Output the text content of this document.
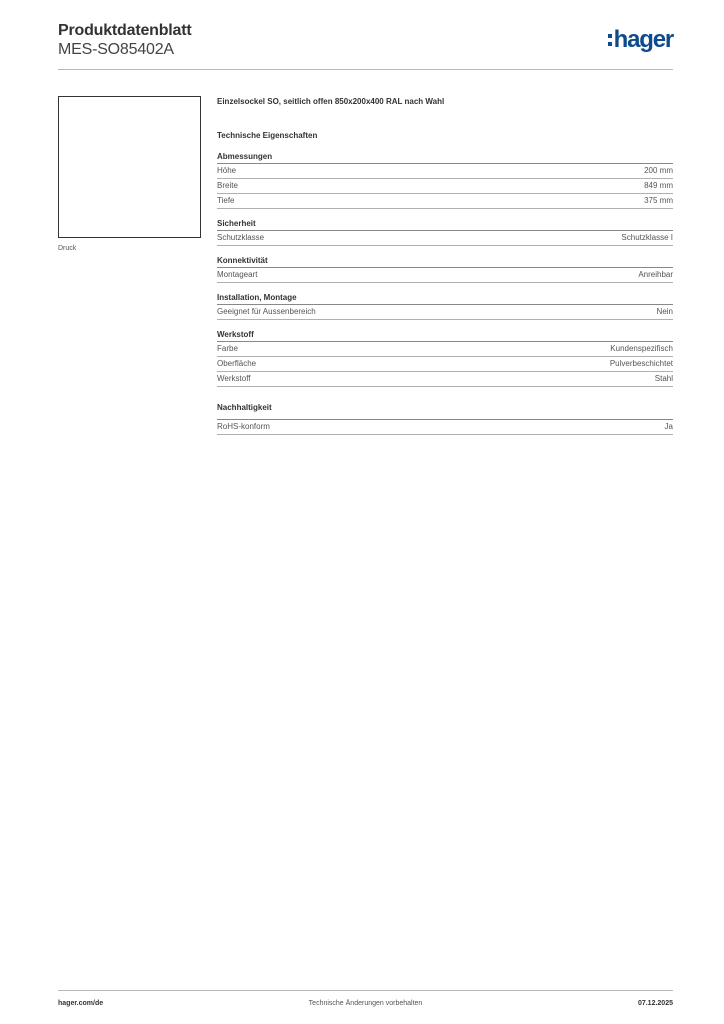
Produktdatenblatt
MES-SO85402A	hager
Druck
Einzelsockel SO, seitlich offen 850x200x400 RAL nach Wahl
Technische Eigenschaften
Abmessungen
Höhe	200 mm
Breite	849 mm
Tiefe	375 mm
Sicherheit
Schutzklasse	Schutzklasse I
Konnektivität
Montageart	Anreihbar
Installation, Montage
Geeignet für Aussenbereich	Nein
Werkstoff
Farbe	Kundenspezifisch
Oberfläche	Pulverbeschichtet
Werkstoff	Stahl
Nachhaltigkeit
RoHS-konform	Ja
hager.com/de	Technische Änderungen vorbehalten	07.12.2025
